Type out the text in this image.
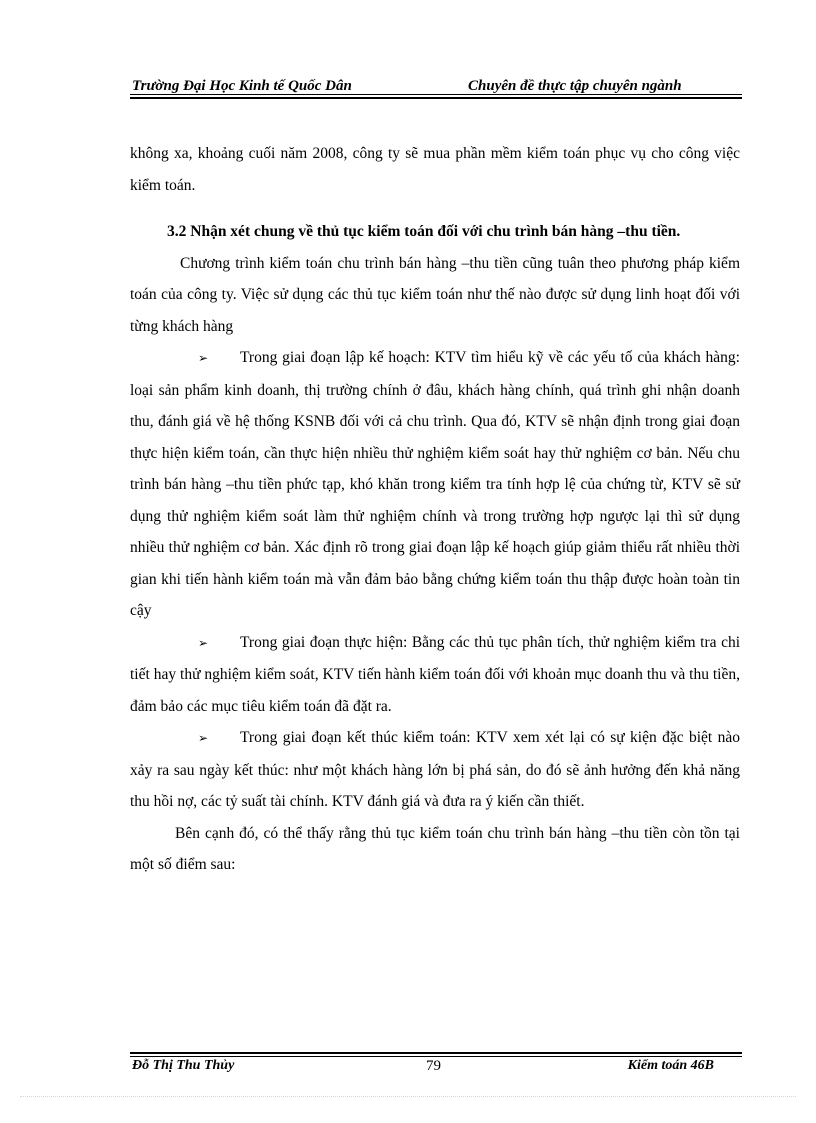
Trường Đại Học Kinh tế Quốc Dân	Chuyên đề thực tập chuyên ngành

không xa, khoảng cuối năm 2008, công ty sẽ mua phần mềm kiểm toán phục vụ cho công việc kiểm toán.

3.2 Nhận xét chung về thủ tục kiểm toán đối với chu trình bán hàng –thu tiền.

Chương trình kiểm toán chu trình bán hàng –thu tiền cũng tuân theo phương pháp kiểm toán của công ty. Việc sử dụng các thủ tục kiểm toán như thế nào được sử dụng linh hoạt đối với từng khách hàng

➢ Trong giai đoạn lập kế hoạch: KTV tìm hiểu kỹ về các yếu tố của khách hàng: loại sản phẩm kinh doanh, thị trường chính ở đâu, khách hàng chính, quá trình ghi nhận doanh thu, đánh giá về hệ thống KSNB đối với cả chu trình. Qua đó, KTV sẽ nhận định trong giai đoạn thực hiện kiểm toán, cần thực hiện nhiều thử nghiệm kiểm soát hay thử nghiệm cơ bản. Nếu chu trình bán hàng –thu tiền phức tạp, khó khăn trong kiểm tra tính hợp lệ của chứng từ, KTV sẽ sử dụng thử nghiệm kiểm soát làm thử nghiệm chính và trong trường hợp ngược lại thì sử dụng nhiều thử nghiệm cơ bản. Xác định rõ trong giai đoạn lập kế hoạch giúp giảm thiểu rất nhiều thời gian khi tiến hành kiểm toán mà vẫn đảm bảo bằng chứng kiểm toán thu thập được hoàn toàn tin cậy

➢ Trong giai đoạn thực hiện: Bằng các thủ tục phân tích, thử nghiệm kiểm tra chi tiết hay thử nghiệm kiểm soát, KTV tiến hành kiểm toán đối với khoản mục doanh thu và thu tiền, đảm bảo các mục tiêu kiểm toán đã đặt ra.

➢ Trong giai đoạn kết thúc kiểm toán: KTV xem xét lại có sự kiện đặc biệt nào xảy ra sau ngày kết thúc: như một khách hàng lớn bị phá sản, do đó sẽ ảnh hưởng đến khả năng thu hồi nợ, các tỷ suất tài chính. KTV đánh giá và đưa ra ý kiến cần thiết.

Bên cạnh đó, có thể thấy rằng thủ tục kiểm toán chu trình bán hàng –thu tiền còn tồn tại một số điểm sau:

Đỗ Thị Thu Thủy	79	Kiểm toán 46B
